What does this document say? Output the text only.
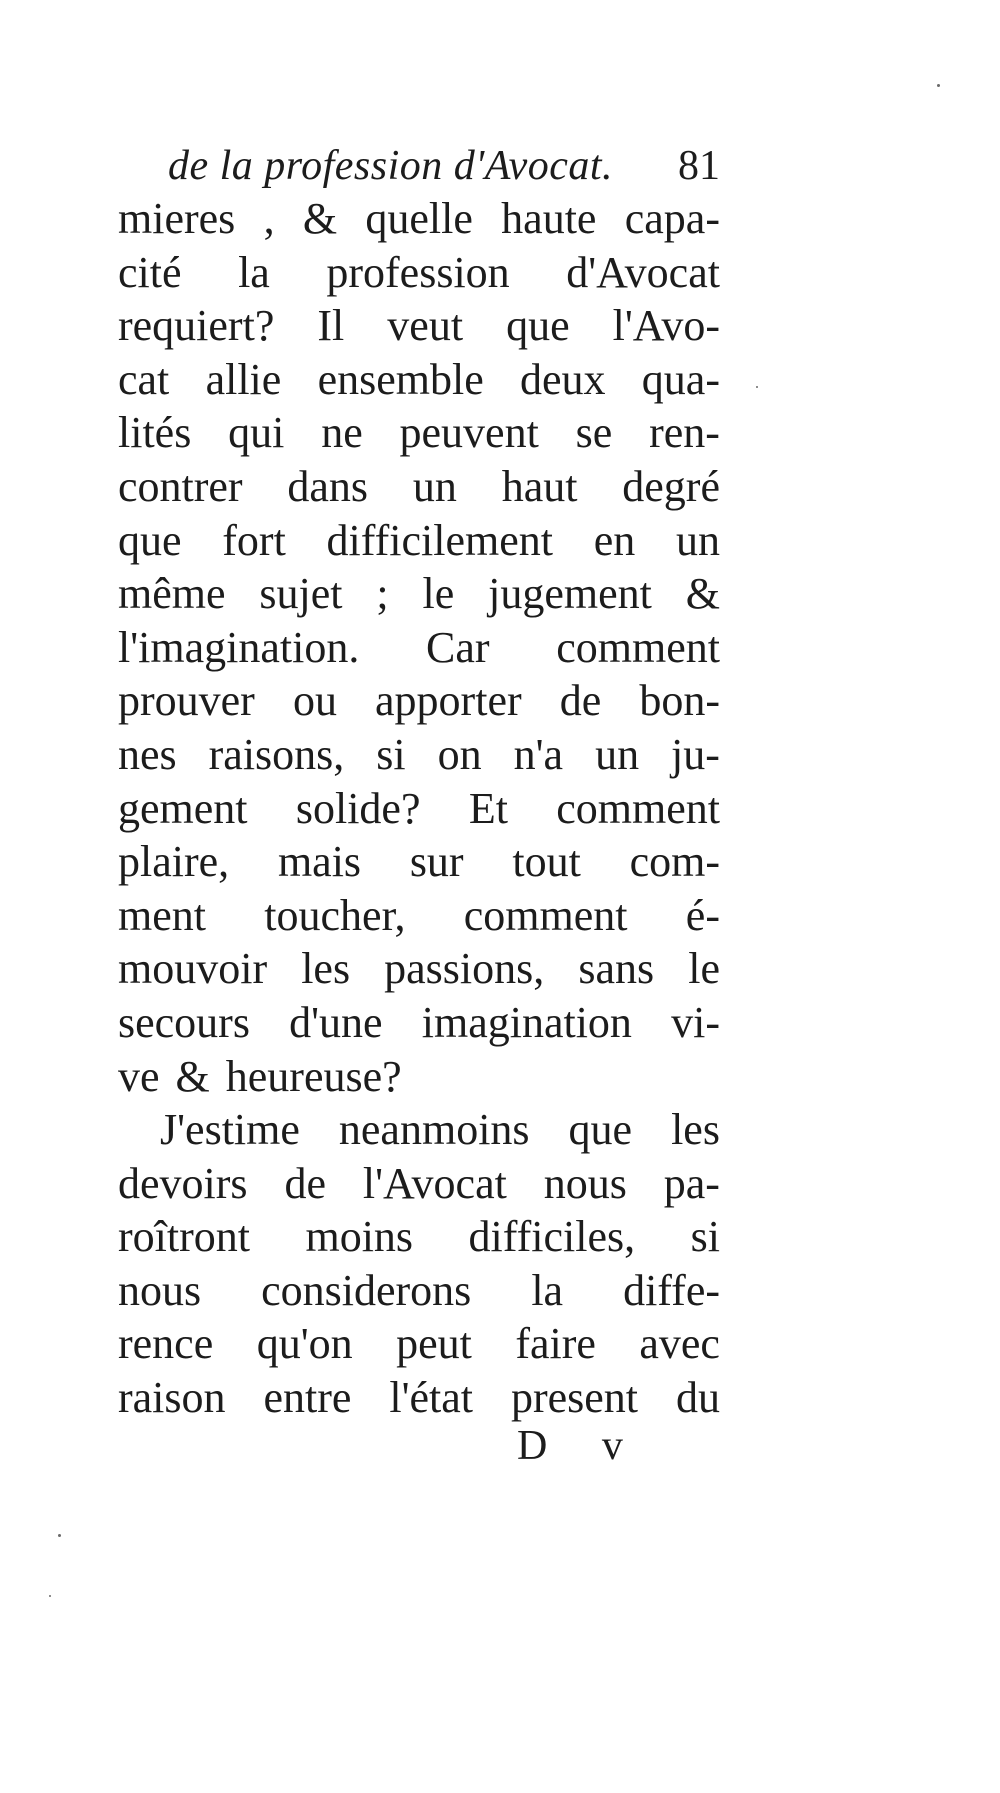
de la profession d'Avocat. 81
mieres , & quelle haute capa-
cité la profession d'Avocat
requiert? Il veut que l'Avo-
cat allie ensemble deux qua-
lités qui ne peuvent se ren-
contrer dans un haut degré
que fort difficilement en un
même sujet ; le jugement &
l'imagination. Car comment
prouver ou apporter de bon-
nes raisons, si on n'a un ju-
gement solide? Et comment
plaire, mais sur tout com-
ment toucher, comment é-
mouvoir les passions, sans le
secours d'une imagination vi-
ve & heureuse?
J'estime neanmoins que les
devoirs de l'Avocat nous pa-
roîtront moins difficiles, si
nous considerons la diffe-
rence qu'on peut faire avec
raison entre l'état present du
D v
